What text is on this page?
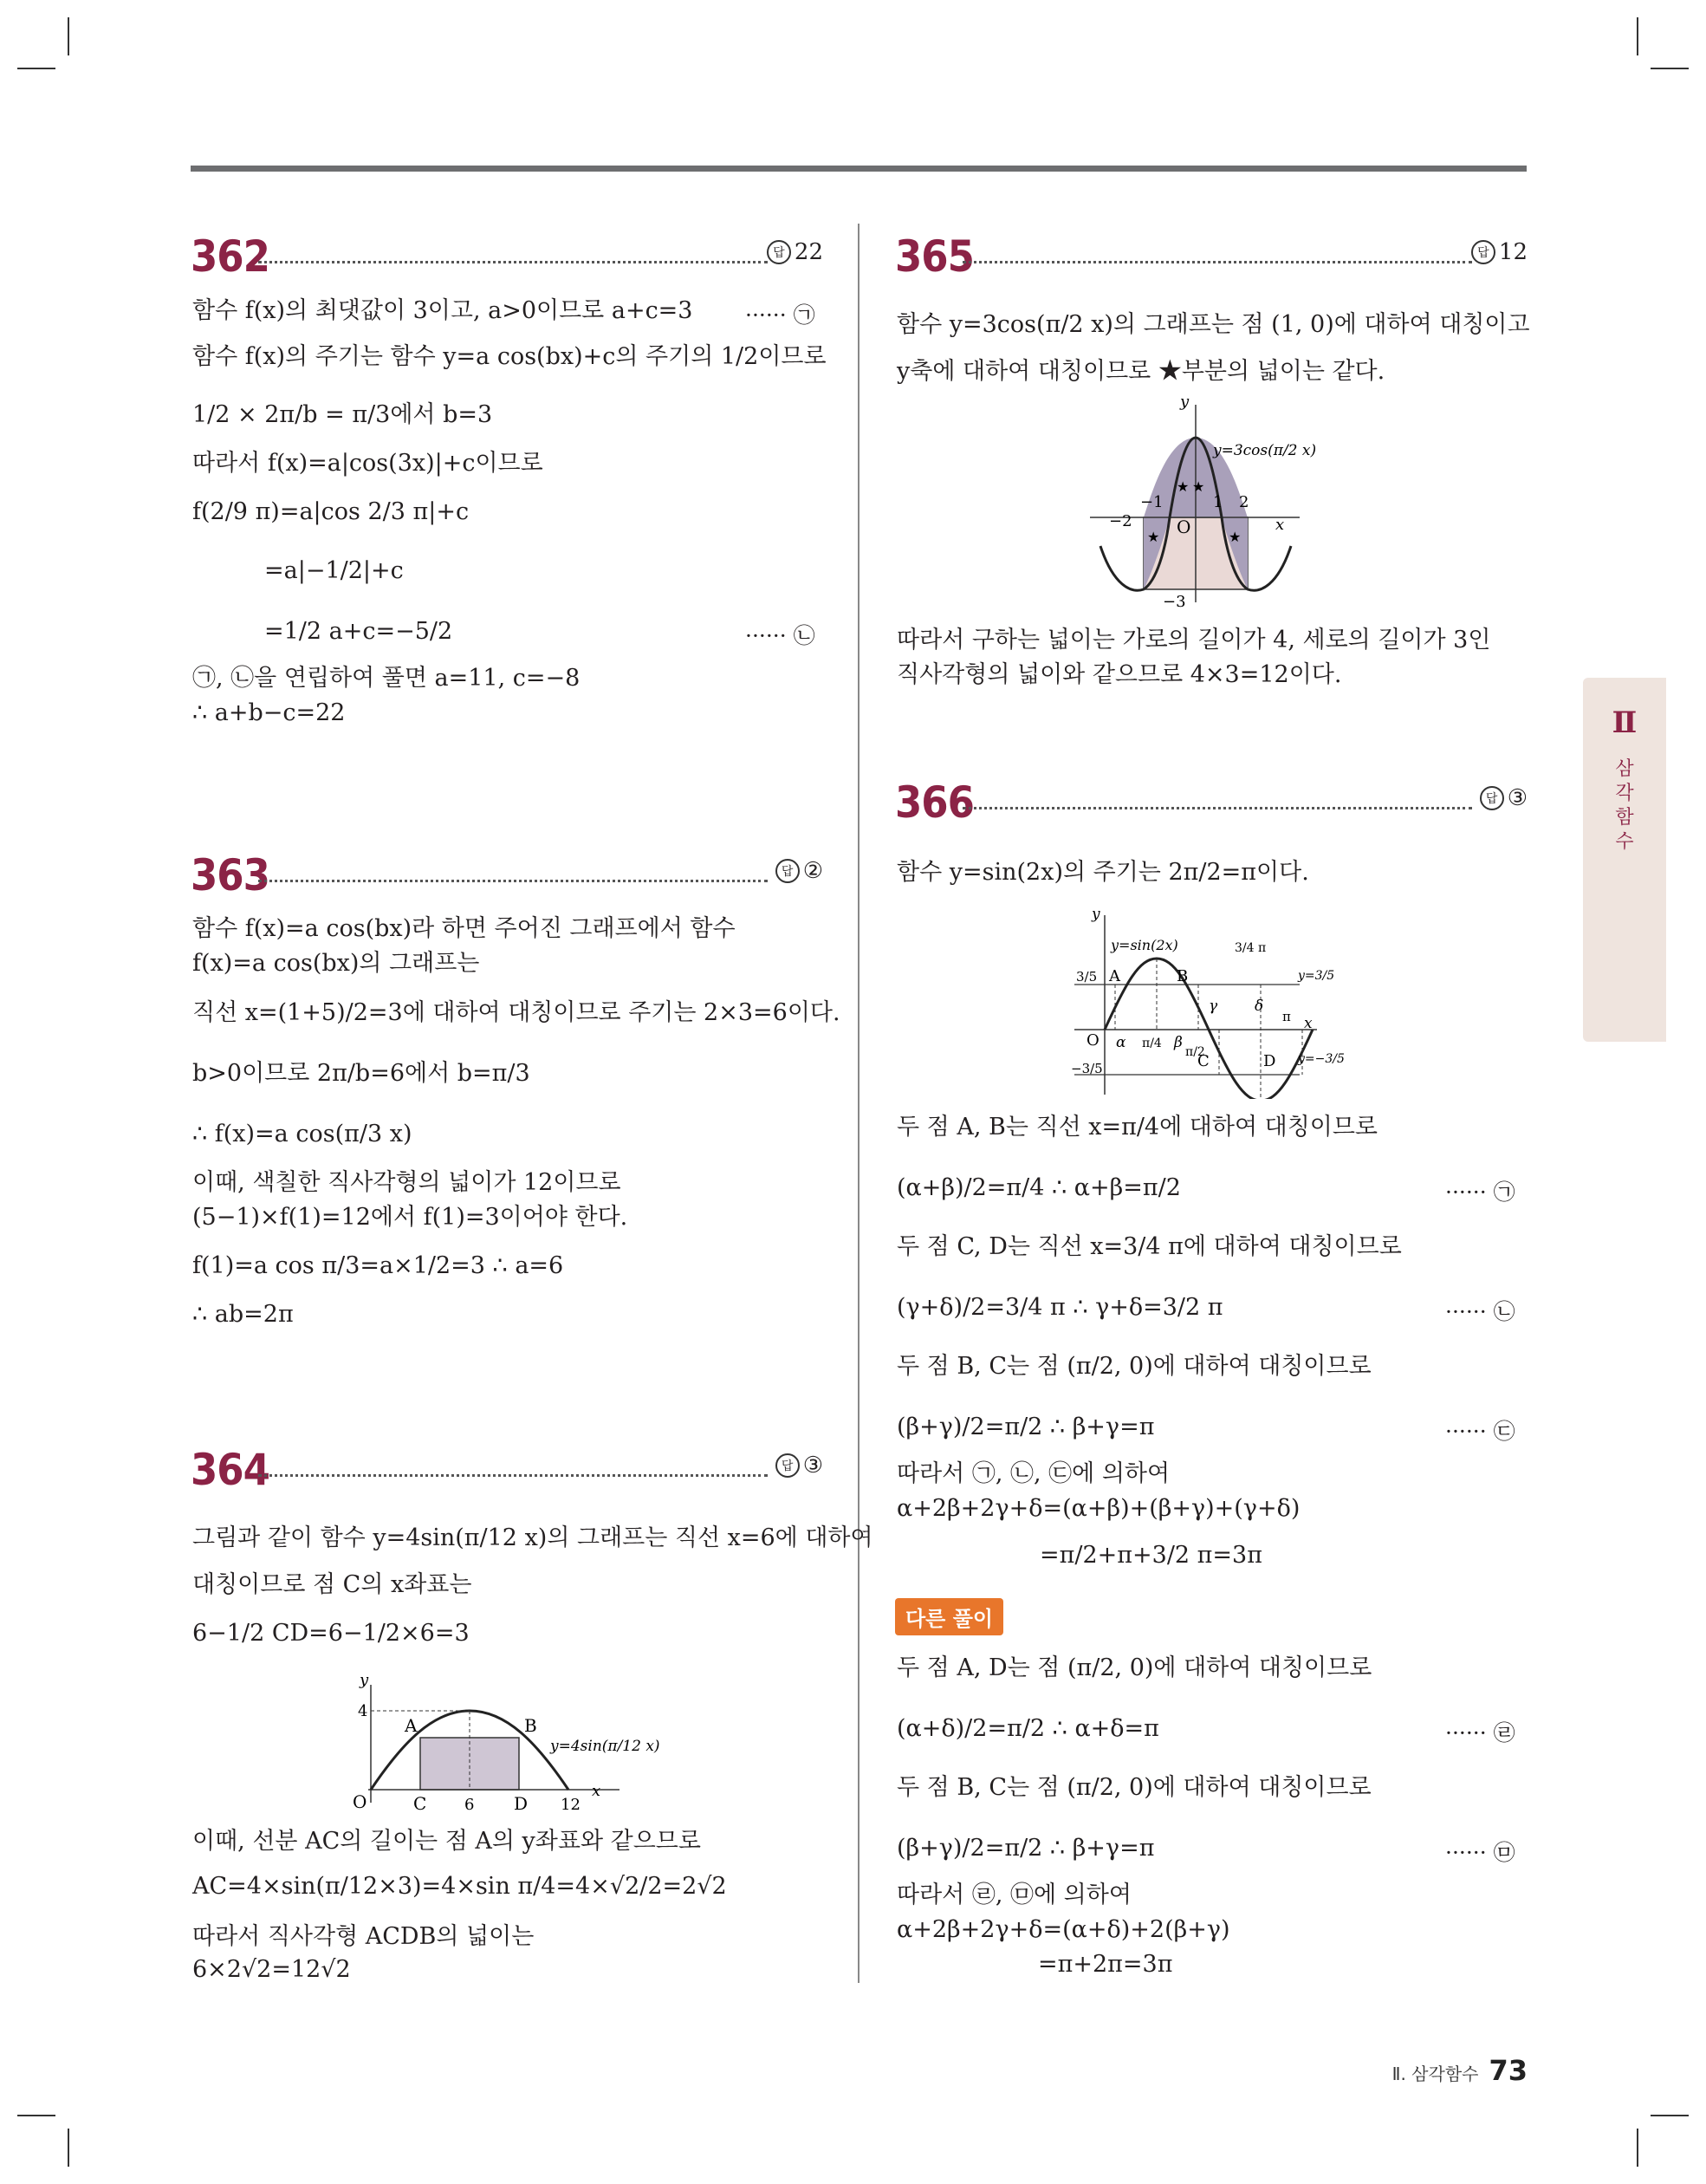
362	답 22
함수 f(x)의 최댓값이 3이고, a>0이므로 a+c=3 ······ ㉠
함수 f(x)의 주기는 함수 y=a cos(bx)+c의 주기의 1/2이므로
1/2 × 2π/b = π/3에서 b=3
따라서 f(x)=a|cos(3x)|+c이므로
f(2/9 π)=a|cos 2/3 π|+c
=a|−1/2|+c
=1/2 a+c=−5/2	······ ㉡
㉠, ㉡을 연립하여 풀면 a=11, c=−8
∴ a+b−c=22
363	답 ②
함수 f(x)=a cos(bx)라 하면 주어진 그래프에서 함수
f(x)=a cos(bx)의 그래프는
직선 x=(1+5)/2=3에 대하여 대칭이므로 주기는 2×3=6이다.
b>0이므로 2π/b=6에서 b=π/3
∴ f(x)=a cos(π/3 x)
이때, 색칠한 직사각형의 넓이가 12이므로
(5−1)×f(1)=12에서 f(1)=3이어야 한다.
f(1)=a cos π/3=a×1/2=3 ∴ a=6
∴ ab=2π
364	답 ③
그림과 같이 함수 y=4sin(π/12 x)의 그래프는 직선 x=6에 대하여
대칭이므로 점 C의 x좌표는
6−1/2 CD=6−1/2×6=3
y
x
O
4
A	B
C 6 D 12
y=4sin(π/12 x)
이때, 선분 AC의 길이는 점 A의 y좌표와 같으므로
AC=4×sin(π/12×3)=4×sin π/4=4×√2/2=2√2
따라서 직사각형 ACDB의 넓이는
6×2√2=12√2
365	답 12
함수 y=3cos(π/2 x)의 그래프는 점 (1, 0)에 대하여 대칭이고
y축에 대하여 대칭이므로 ★부분의 넓이는 같다.
y
x
O
−1	1 2
−2
−3
★ ★
★	★
y=3cos(π/2 x)
따라서 구하는 넓이는 가로의 길이가 4, 세로의 길이가 3인
직사각형의 넓이와 같으므로 4×3=12이다.
366	답 ③
함수 y=sin(2x)의 주기는 2π/2=π이다.
y
x
O
3/5
−3/5
A	B
C	D
α	β
γ	δ
π/4
π/2
3/4 π
π
y=sin(2x)
y=3/5
y=−3/5
두 점 A, B는 직선 x=π/4에 대하여 대칭이므로
(α+β)/2=π/4 ∴ α+β=π/2	······ ㉠
두 점 C, D는 직선 x=3/4 π에 대하여 대칭이므로
(γ+δ)/2=3/4 π ∴ γ+δ=3/2 π	······ ㉡
두 점 B, C는 점 (π/2, 0)에 대하여 대칭이므로
(β+γ)/2=π/2 ∴ β+γ=π	······ ㉢
따라서 ㉠, ㉡, ㉢에 의하여
α+2β+2γ+δ=(α+β)+(β+γ)+(γ+δ)
=π/2+π+3/2 π=3π
다른 풀이
두 점 A, D는 점 (π/2, 0)에 대하여 대칭이므로
(α+δ)/2=π/2 ∴ α+δ=π	······ ㉣
두 점 B, C는 점 (π/2, 0)에 대하여 대칭이므로
(β+γ)/2=π/2 ∴ β+γ=π	······ ㉤
따라서 ㉣, ㉤에 의하여
α+2β+2γ+δ=(α+δ)+2(β+γ)
=π+2π=3π
Ⅱ
삼각함수
Ⅱ. 삼각함수 73
